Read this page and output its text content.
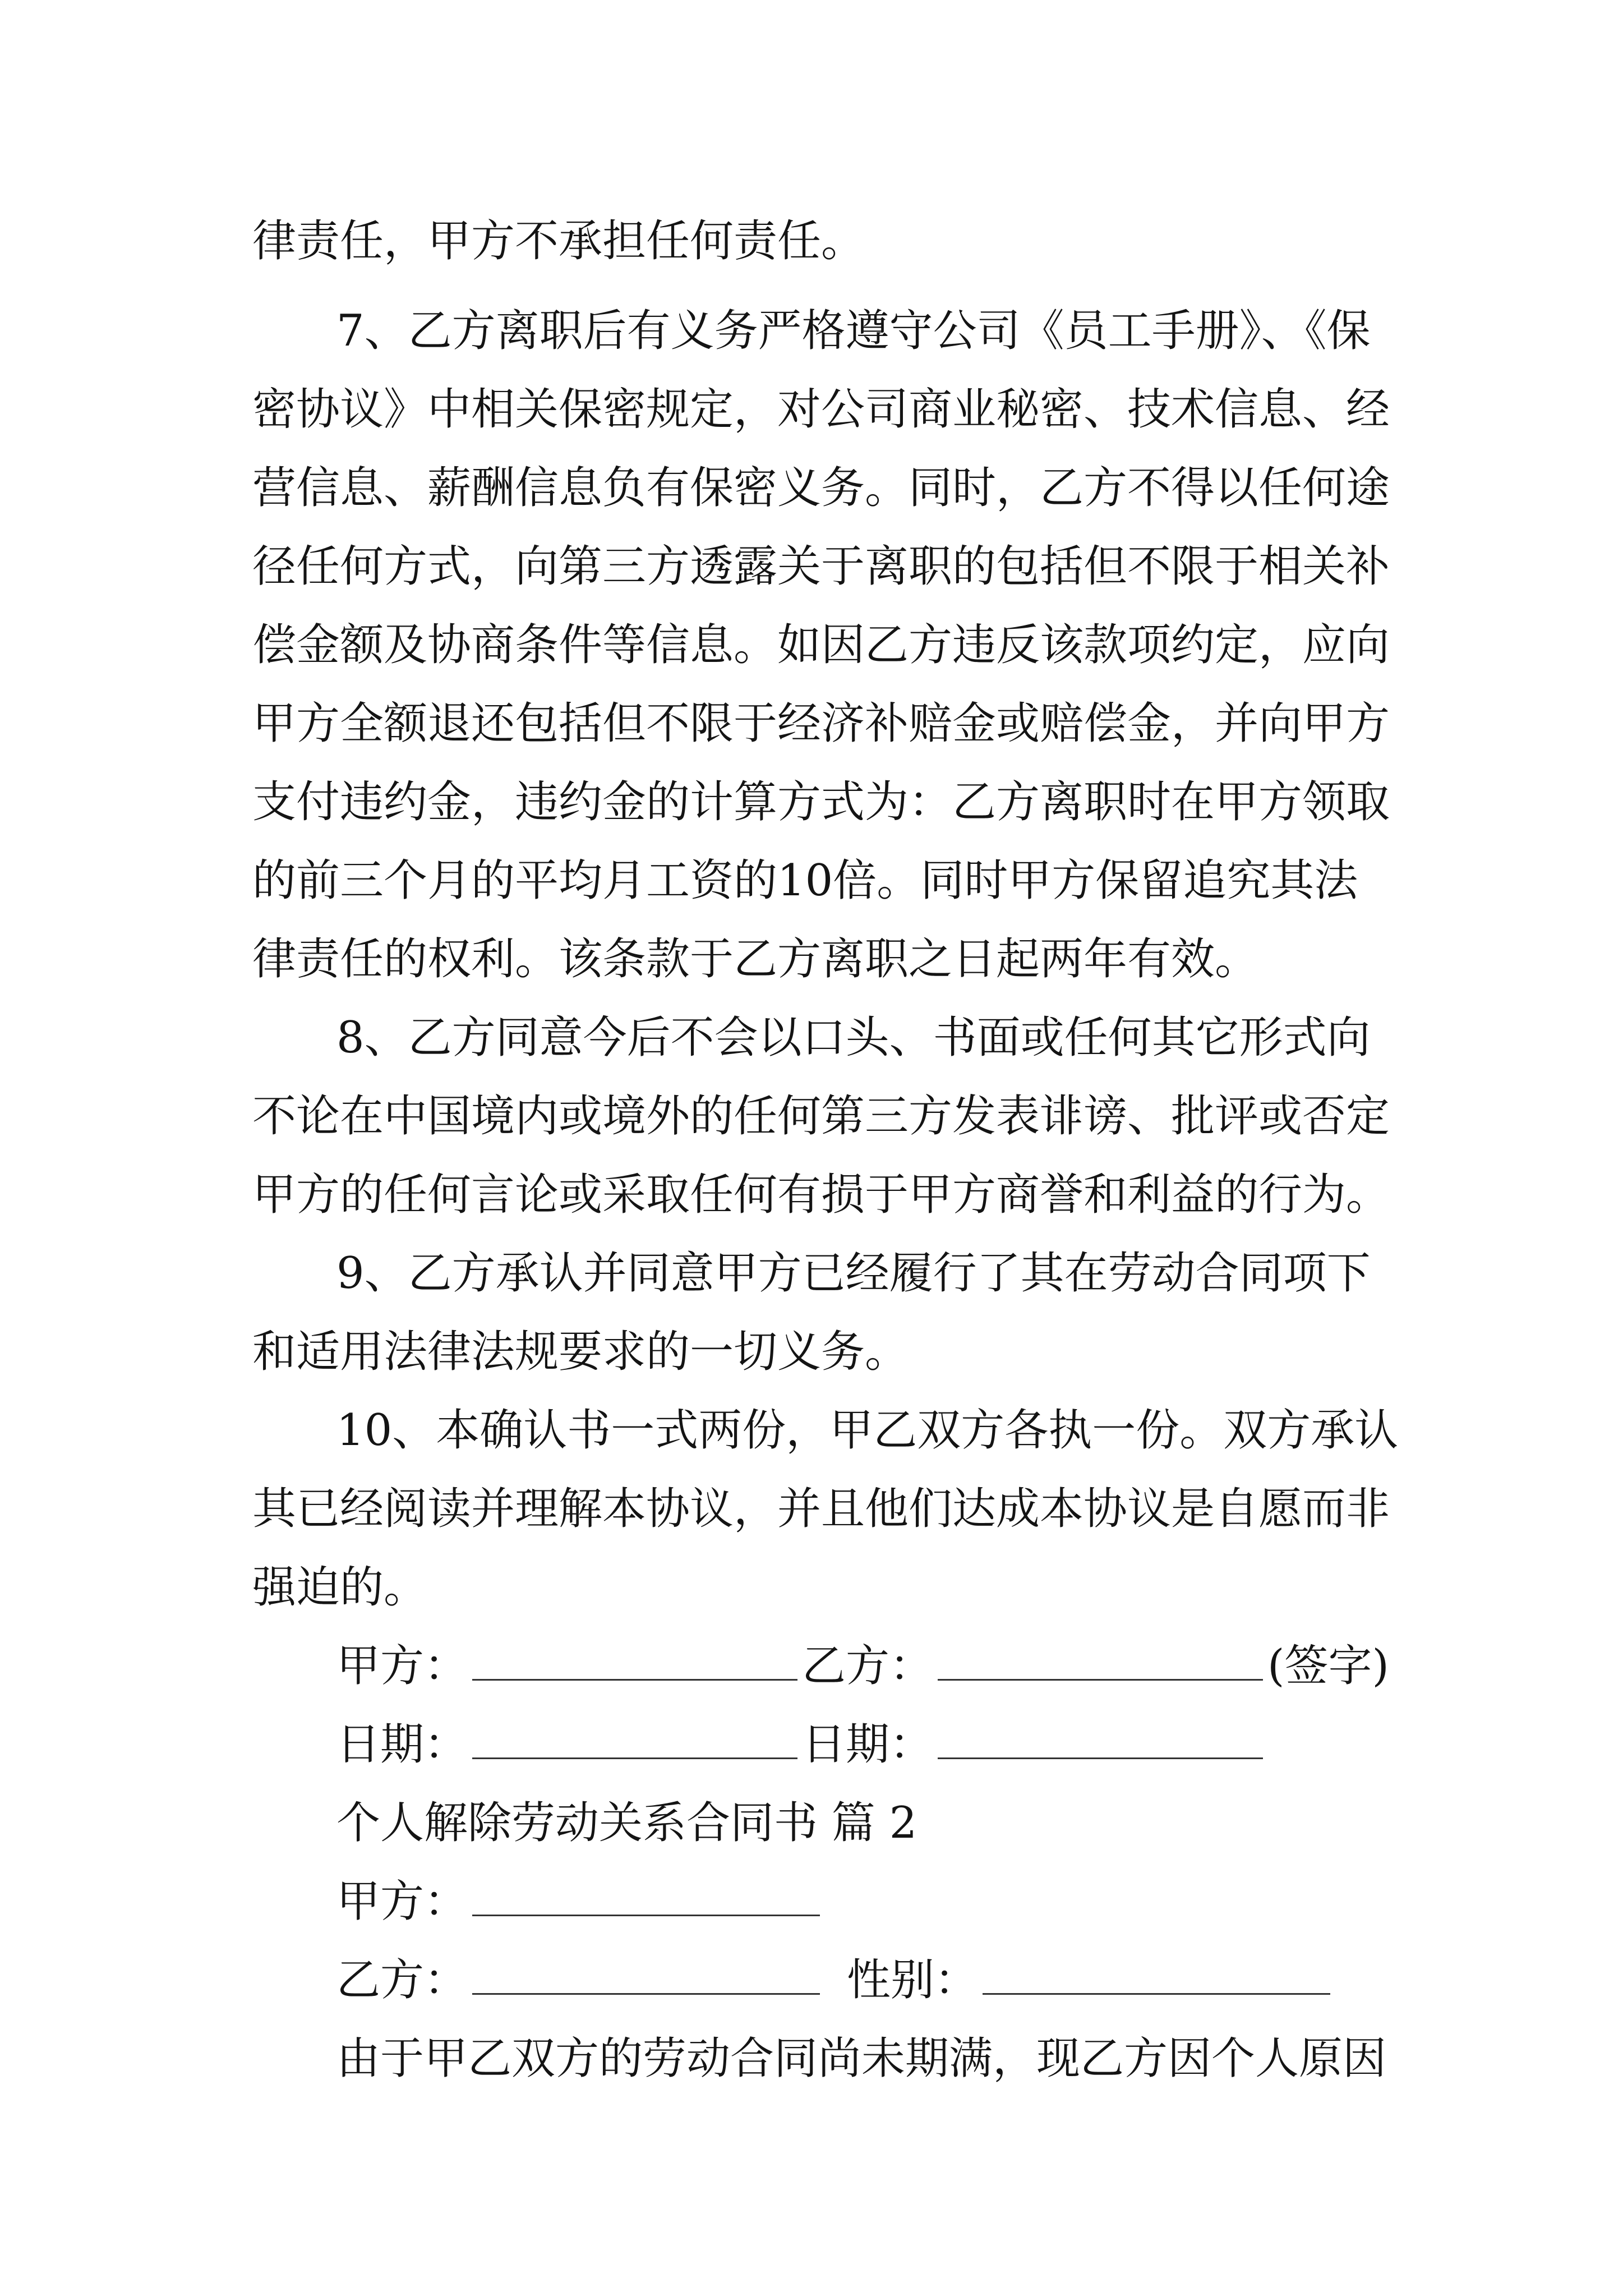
律责任，甲方不承担任何责任。
7、乙方离职后有义务严格遵守公司《员工手册》、《保
密协议》中相关保密规定，对公司商业秘密、技术信息、经
营信息、薪酬信息负有保密义务。同时，乙方不得以任何途
径任何方式，向第三方透露关于离职的包括但不限于相关补
偿金额及协商条件等信息。如因乙方违反该款项约定，应向
甲方全额退还包括但不限于经济补赔金或赔偿金，并向甲方
支付违约金，违约金的计算方式为：乙方离职时在甲方领取
的前三个月的平均月工资的10倍。同时甲方保留追究其法
律责任的权利。该条款于乙方离职之日起两年有效。
8、乙方同意今后不会以口头、书面或任何其它形式向
不论在中国境内或境外的任何第三方发表诽谤、批评或否定
甲方的任何言论或采取任何有损于甲方商誉和利益的行为。
9、乙方承认并同意甲方已经履行了其在劳动合同项下
和适用法律法规要求的一切义务。
10、本确认书一式两份，甲乙双方各执一份。双方承认
其已经阅读并理解本协议，并且他们达成本协议是自愿而非
强迫的。
甲方：	乙方：	(签字)
日期：	日期：
个人解除劳动关系合同书 篇 2
甲方：
乙方：	性别：
由于甲乙双方的劳动合同尚未期满，现乙方因个人原因
